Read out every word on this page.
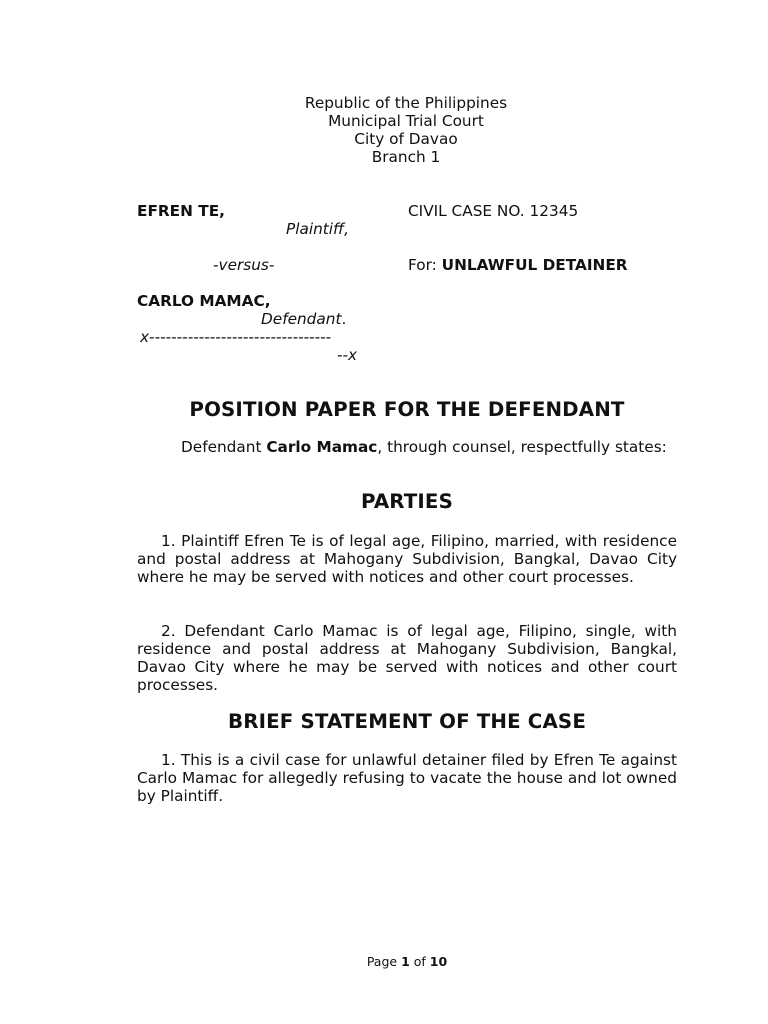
Republic of the Philippines
Municipal Trial Court
City of Davao
Branch 1
EFREN TE,
Plaintiff,
-versus-
CARLO MAMAC,
Defendant.
x---------------------------------
--x
CIVIL CASE NO. 12345
For: UNLAWFUL DETAINER
POSITION PAPER FOR THE DEFENDANT
Defendant Carlo Mamac, through counsel, respectfully states:
PARTIES
1. Plaintiff Efren Te is of legal age, Filipino, married, with residence and postal address at Mahogany Subdivision, Bangkal, Davao City where he may be served with notices and other court processes.
2. Defendant Carlo Mamac is of legal age, Filipino, single, with residence and postal address at Mahogany Subdivision, Bangkal, Davao City where he may be served with notices and other court processes.
BRIEF STATEMENT OF THE CASE
1. This is a civil case for unlawful detainer filed by Efren Te against Carlo Mamac for allegedly refusing to vacate the house and lot owned by Plaintiff.
Page 1 of 10
